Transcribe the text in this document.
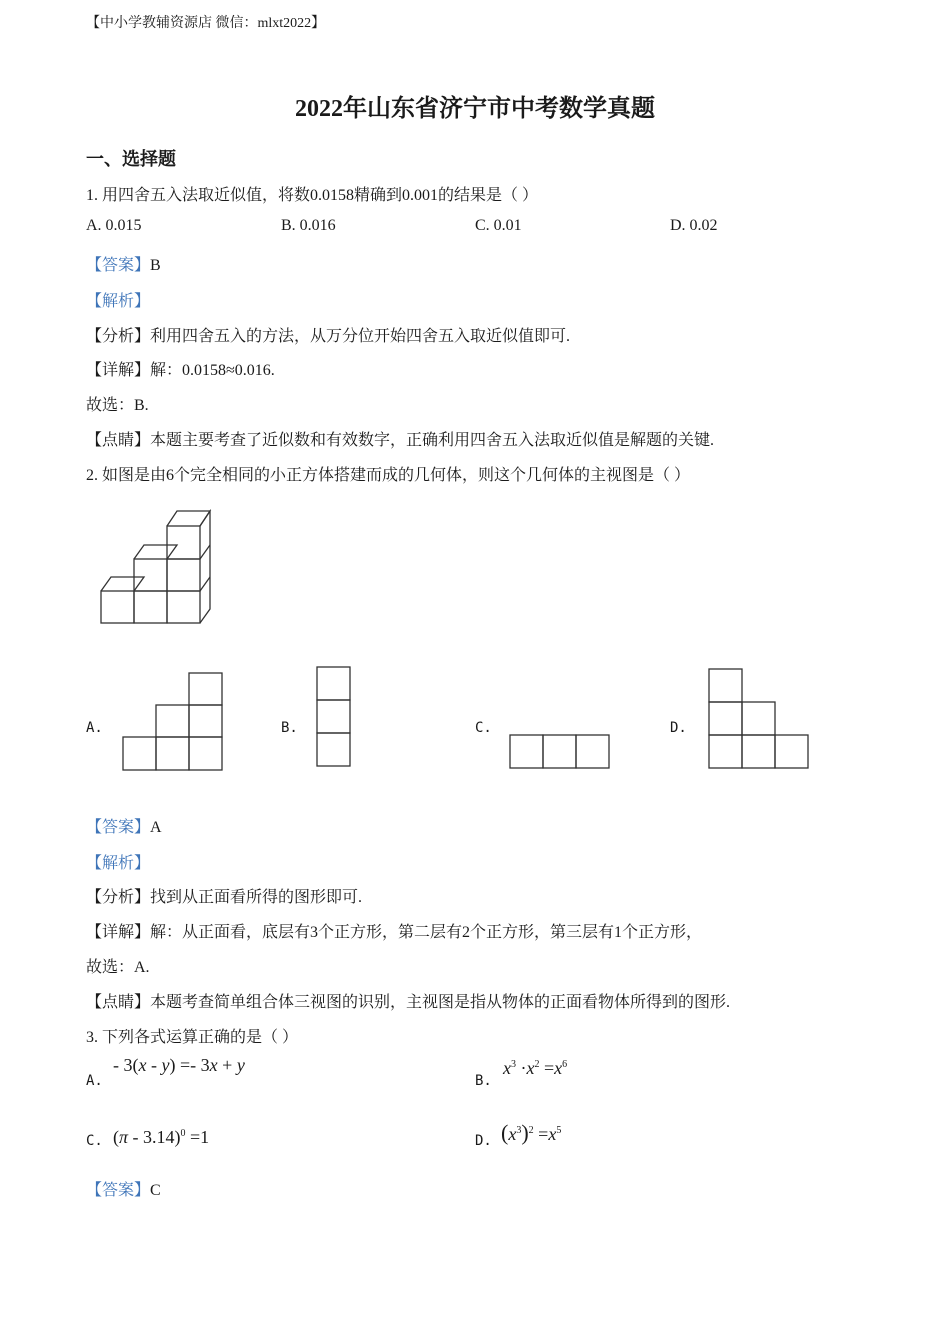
【中小学教辅资源店 微信：mlxt2022】
2022年山东省济宁市中考数学真题
一、选择题
1. 用四舍五入法取近似值，将数0.0158精确到0.001的结果是（ ）
A. 0.015	B. 0.016	C. 0.01	D. 0.02
【答案】B
【解析】
【分析】利用四舍五入的方法，从万分位开始四舍五入取近似值即可.
【详解】解：0.0158≈0.016.
故选：B.
【点睛】本题主要考查了近似数和有效数字，正确利用四舍五入法取近似值是解题的关键.
2. 如图是由6个完全相同的小正方体搭建而成的几何体，则这个几何体的主视图是（ ）
A.	B.	C.	D.
【答案】A
【解析】
【分析】找到从正面看所得的图形即可.
【详解】解：从正面看，底层有3个正方形，第二层有2个正方形，第三层有1个正方形，
故选：A.
【点睛】本题考查简单组合体三视图的识别，主视图是指从物体的正面看物体所得到的图形.
3. 下列各式运算正确的是（ ）
A.
- 3(x - y) =- 3x + y
B.
$x^3 \cdot x^2 =x^6$
C. (π - 3.14)$^0$ =1	D. $(x^3)^2 =x^5$
【答案】C
